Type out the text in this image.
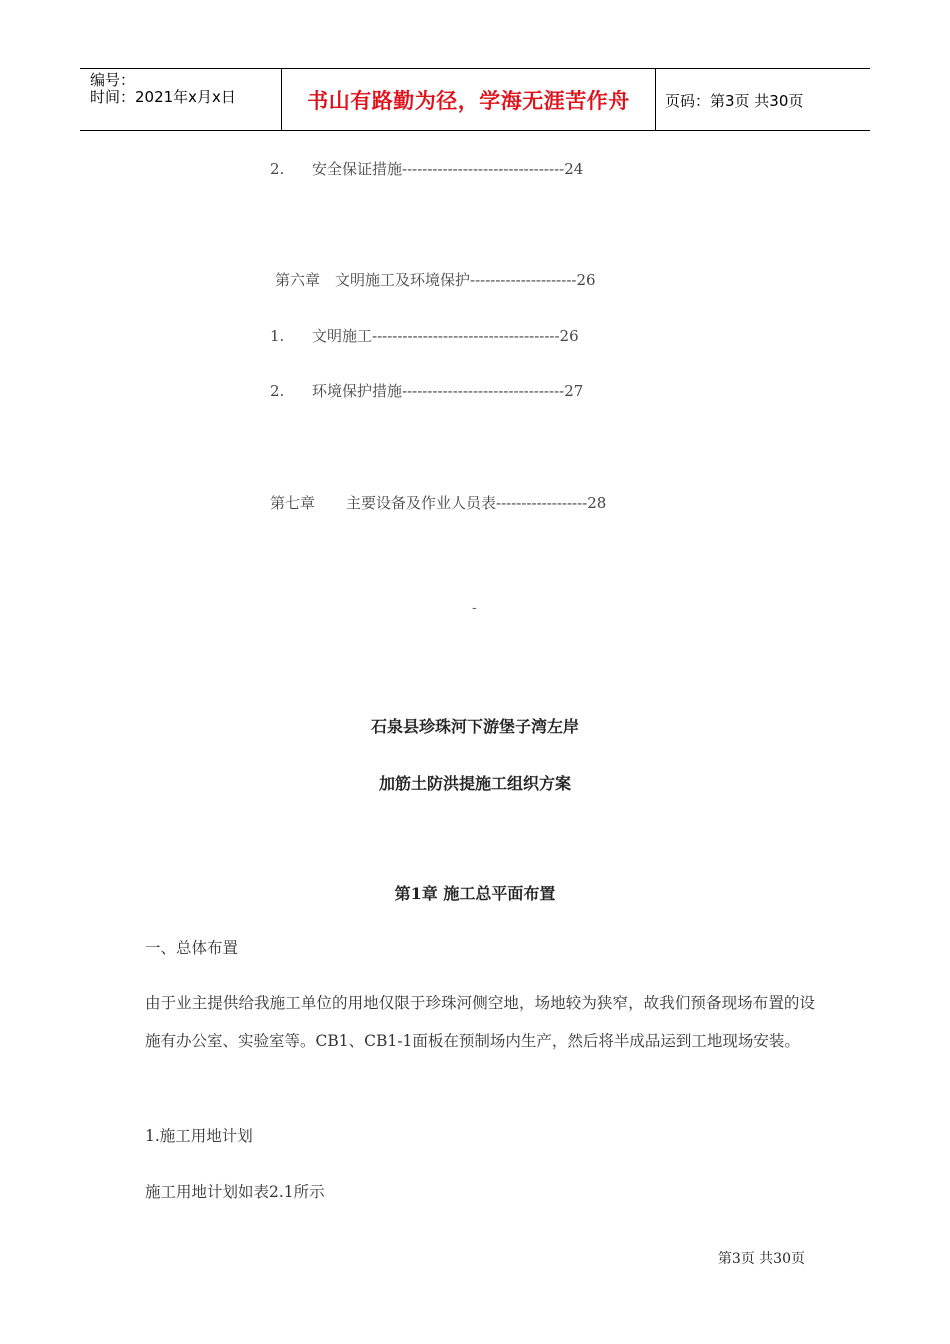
编号：
时间：2021年x月x日	书山有路勤为径，学海无涯苦作舟	页码：第3页 共30页
2. 安全保证措施--------------------------------24
第六章 文明施工及环境保护---------------------26
1. 文明施工-------------------------------------26
2. 环境保护措施--------------------------------27
第七章 主要设备及作业人员表------------------28
-
石泉县珍珠河下游堡子湾左岸
加筋土防洪提施工组织方案
第1章 施工总平面布置
一、总体布置
由于业主提供给我施工单位的用地仅限于珍珠河侧空地，场地较为狭窄，故我们预备现场布置的设施有办公室、实验室等。CB1、CB1-1面板在预制场内生产，然后将半成品运到工地现场安装。
1.施工用地计划
施工用地计划如表2.1所示
第3页 共30页
